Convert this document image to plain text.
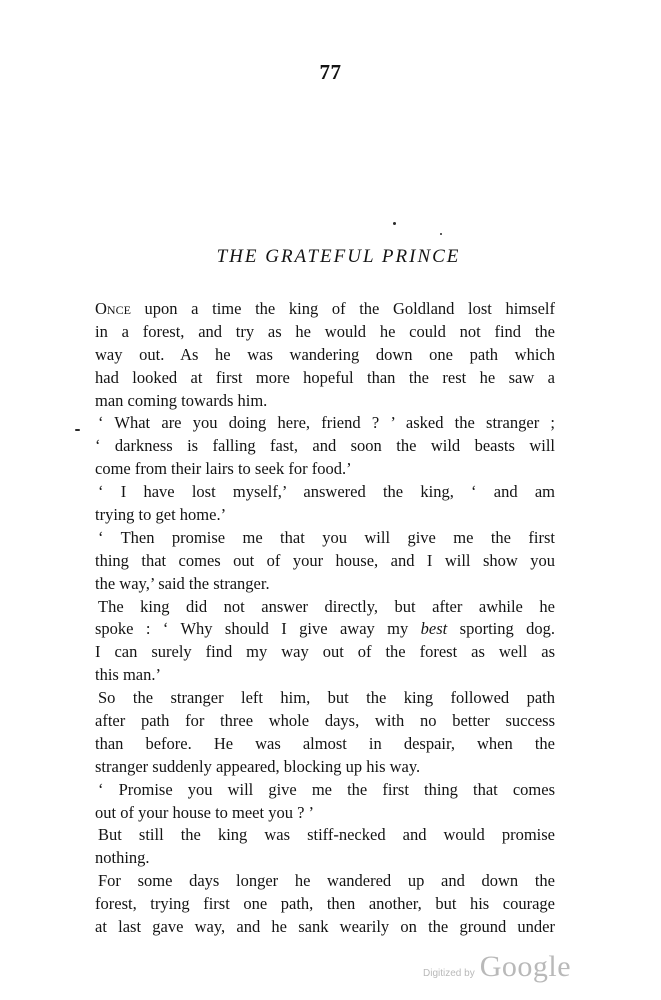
77
THE GRATEFUL PRINCE
Once upon a time the king of the Goldland lost himself
in a forest, and try as he would he could not find the
way out. As he was wandering down one path which
had looked at first more hopeful than the rest he saw a
man coming towards him.
‘ What are you doing here, friend ? ’ asked the stranger ;
‘ darkness is falling fast, and soon the wild beasts will
come from their lairs to seek for food.’
‘ I have lost myself,’ answered the king, ‘ and am
trying to get home.’
‘ Then promise me that you will give me the first
thing that comes out of your house, and I will show you
the way,’ said the stranger.
The king did not answer directly, but after awhile he
spoke : ‘ Why should I give away my best sporting dog.
I can surely find my way out of the forest as well as
this man.’
So the stranger left him, but the king followed path
after path for three whole days, with no better success
than before. He was almost in despair, when the
stranger suddenly appeared, blocking up his way.
‘ Promise you will give me the first thing that comes
out of your house to meet you ? ’
But still the king was stiff-necked and would promise
nothing.
For some days longer he wandered up and down the
forest, trying first one path, then another, but his courage
at last gave way, and he sank wearily on the ground under
Digitized by Google
